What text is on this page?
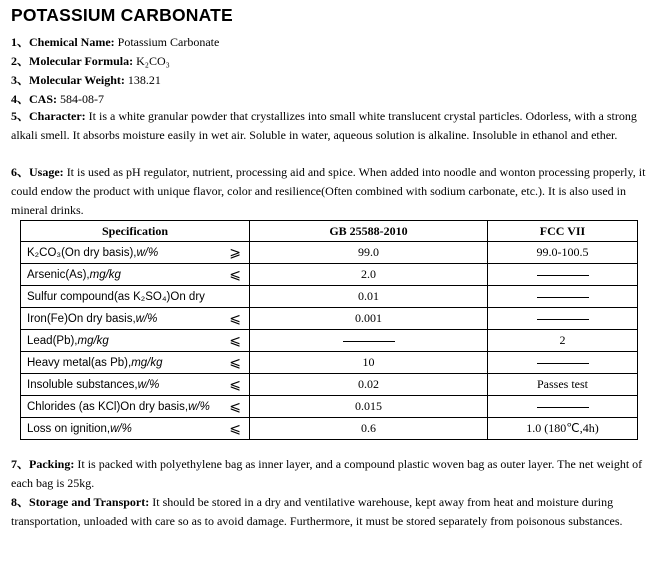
POTASSIUM CARBONATE
1、Chemical Name: Potassium Carbonate
2、Molecular Formula: K₂CO₃
3、Molecular Weight: 138.21
4、CAS: 584-08-7
5、Character: It is a white granular powder that crystallizes into small white translucent crystal particles. Odorless, with a strong alkali smell. It absorbs moisture easily in wet air. Soluble in water, aqueous solution is alkaline. Insoluble in ethanol and ether.
6、Usage: It is used as pH regulator, nutrient, processing aid and spice. When added into noodle and wonton processing properly, it could endow the product with unique flavor, color and resilience(Often combined with sodium carbonate, etc.). It is also used in mineral drinks.
Specification	GB 25588-2010	FCC VII

K₂CO₃(On dry basis),w/% ⩾	99.0	99.0-100.5

Arsenic(As),mg/kg ⩽	2.0	

Sulfur compound(as K₂SO₄)On dry	0.01	

Iron(Fe)On dry basis,w/% ⩽	0.001	

Lead(Pb),mg/kg ⩽		2

Heavy metal(as Pb),mg/kg ⩽	10	

Insoluble substances,w/% ⩽	0.02	Passes test

Chlorides (as KCl)On dry basis,w/% ⩽	0.015	

Loss on ignition,w/% ⩽	0.6	1.0 (180℃,4h)
7、Packing: It is packed with polyethylene bag as inner layer, and a compound plastic woven bag as outer layer. The net weight of each bag is 25kg.
8、Storage and Transport: It should be stored in a dry and ventilative warehouse, kept away from heat and moisture during transportation, unloaded with care so as to avoid damage. Furthermore, it must be stored separately from poisonous substances.
